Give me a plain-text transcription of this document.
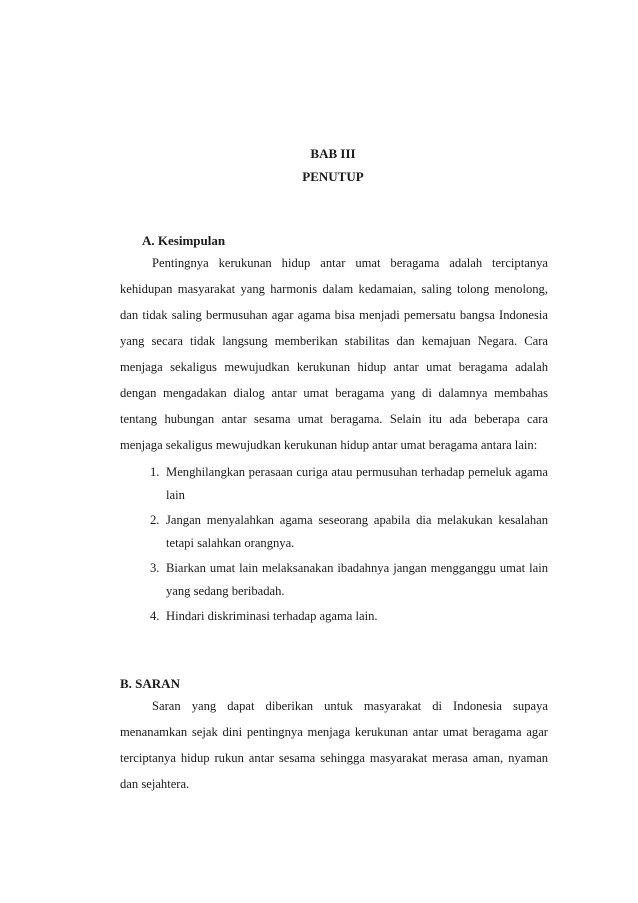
BAB III
PENUTUP
A. Kesimpulan

Pentingnya kerukunan hidup antar umat beragama adalah terciptanya kehidupan masyarakat yang harmonis dalam kedamaian, saling tolong menolong, dan tidak saling bermusuhan agar agama bisa menjadi pemersatu bangsa Indonesia yang secara tidak langsung memberikan stabilitas dan kemajuan Negara. Cara menjaga sekaligus mewujudkan kerukunan hidup antar umat beragama adalah dengan mengadakan dialog antar umat beragama yang di dalamnya membahas tentang hubungan antar sesama umat beragama. Selain itu ada beberapa cara menjaga sekaligus mewujudkan kerukunan hidup antar umat beragama antara lain:

1. Menghilangkan perasaan curiga atau permusuhan terhadap pemeluk agama lain
2. Jangan menyalahkan agama seseorang apabila dia melakukan kesalahan tetapi salahkan orangnya.
3. Biarkan umat lain melaksanakan ibadahnya jangan mengganggu umat lain yang sedang beribadah.
4. Hindari diskriminasi terhadap agama lain.
B. SARAN

Saran yang dapat diberikan untuk masyarakat di Indonesia supaya menanamkan sejak dini pentingnya menjaga kerukunan antar umat beragama agar terciptanya hidup rukun antar sesama sehingga masyarakat merasa aman, nyaman dan sejahtera.
